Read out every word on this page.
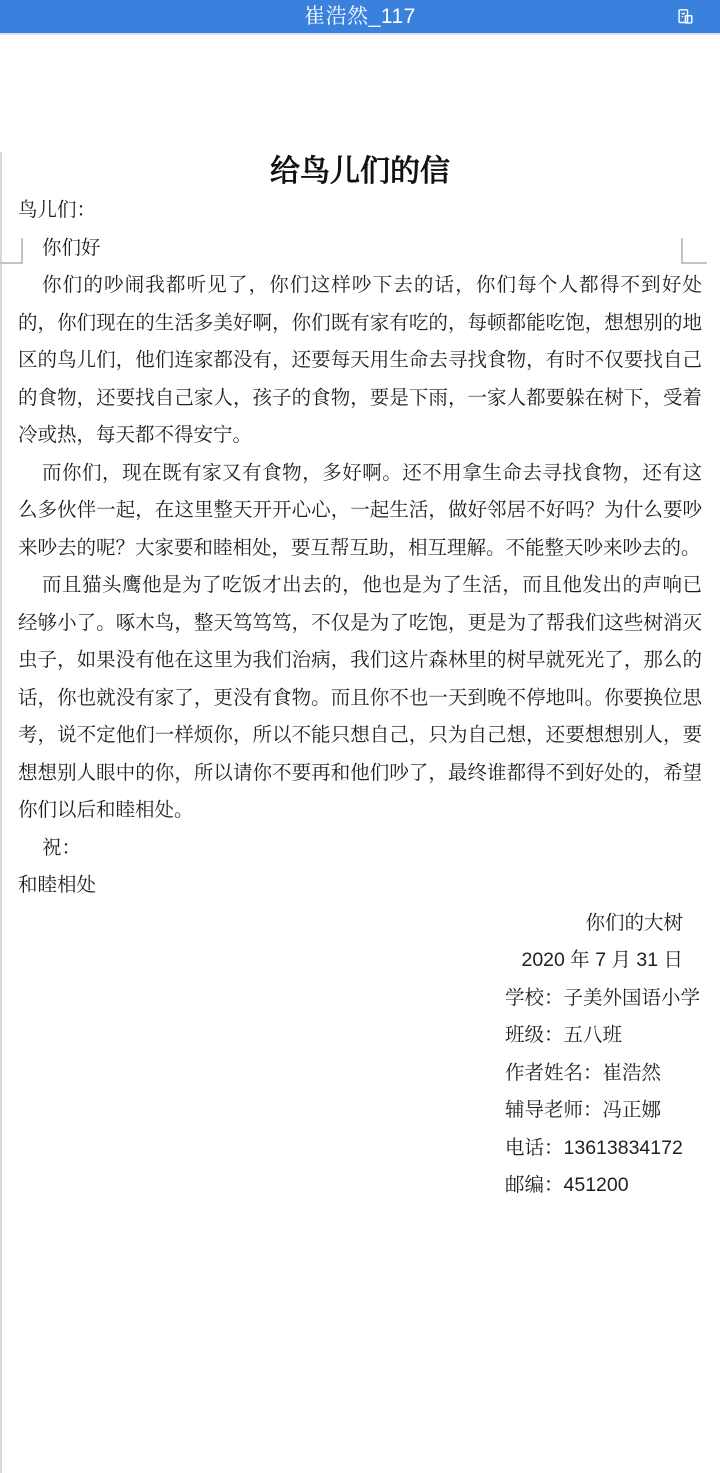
崔浩然_117
给鸟儿们的信

鸟儿们：

你们好

你们的吵闹我都听见了，你们这样吵下去的话，你们每个人都得不到好处的，你们现在的生活多美好啊，你们既有家有吃的，每顿都能吃饱，想想别的地区的鸟儿们，他们连家都没有，还要每天用生命去寻找食物，有时不仅要找自己的食物，还要找自己家人，孩子的食物，要是下雨，一家人都要躲在树下，受着冷或热，每天都不得安宁。

而你们，现在既有家又有食物，多好啊。还不用拿生命去寻找食物，还有这么多伙伴一起，在这里整天开开心心，一起生活，做好邻居不好吗？为什么要吵来吵去的呢？大家要和睦相处，要互帮互助，相互理解。不能整天吵来吵去的。

而且猫头鹰他是为了吃饭才出去的，他也是为了生活，而且他发出的声响已经够小了。啄木鸟，整天笃笃笃，不仅是为了吃饱，更是为了帮我们这些树消灭虫子，如果没有他在这里为我们治病，我们这片森林里的树早就死光了，那么的话，你也就没有家了，更没有食物。而且你不也一天到晚不停地叫。你要换位思考，说不定他们一样烦你，所以不能只想自己，只为自己想，还要想想别人，要想想别人眼中的你，所以请你不要再和他们吵了，最终谁都得不到好处的，希望你们以后和睦相处。

祝：

和睦相处

你们的大树

2020 年 7 月 31 日

学校：子美外国语小学

班级：五八班

作者姓名：崔浩然

辅导老师：冯正娜

电话：13613834172

邮编：451200
